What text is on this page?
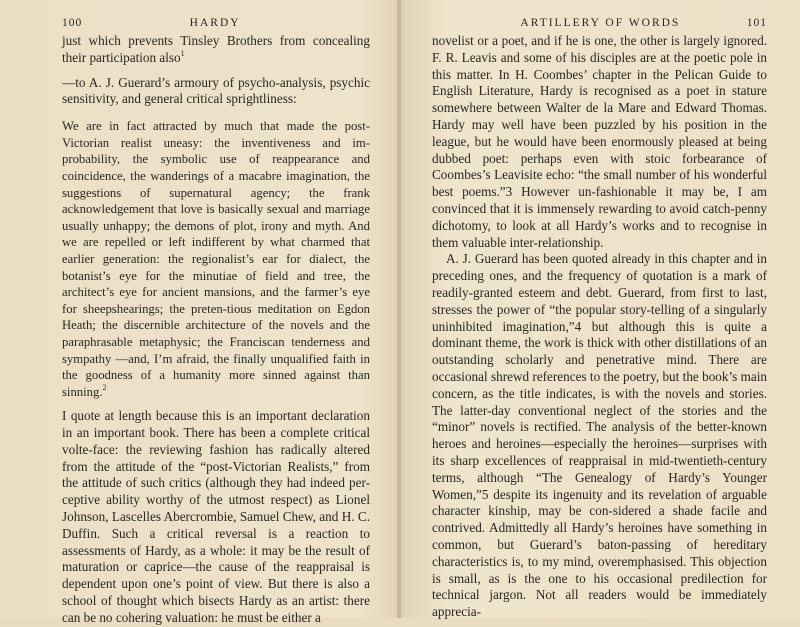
100	HARDY

just which prevents Tinsley Brothers from concealing their participation also$^1$

—to A. J. Guerard’s armoury of psycho-analysis, psychic sensitivity, and general critical sprightliness:

We are in fact attracted by much that made the post-Victorian realist uneasy: the inventiveness and im-probability, the symbolic use of reappearance and coincidence, the wanderings of a macabre imagination, the suggestions of supernatural agency; the frank acknowledgement that love is basically sexual and marriage usually unhappy; the demons of plot, irony and myth. And we are repelled or left indifferent by what charmed that earlier generation: the regionalist’s ear for dialect, the botanist’s eye for the minutiae of field and tree, the architect’s eye for ancient mansions, and the farmer’s eye for sheepshearings; the preten-tious meditation on Egdon Heath; the discernible architecture of the novels and the paraphrasable metaphysic; the Franciscan tenderness and sympathy —and, I’m afraid, the finally unqualified faith in the goodness of a humanity more sinned against than sinning.$^2$

I quote at length because this is an important declaration in an important book. There has been a complete critical volte-face: the reviewing fashion has radically altered from the attitude of the “post-Victorian Realists,” from the attitude of such critics (although they had indeed per-ceptive ability worthy of the utmost respect) as Lionel Johnson, Lascelles Abercrombie, Samuel Chew, and H. C. Duffin. Such a critical reversal is a reaction to assessments of Hardy, as a whole: it may be the result of maturation or caprice—the cause of the reappraisal is dependent upon one’s point of view. But there is also a school of thought which bisects Hardy as an artist: there can be no cohering valuation: he must be either a

ARTILLERY OF WORDS	101

novelist or a poet, and if he is one, the other is largely ignored. F. R. Leavis and some of his disciples are at the poetic pole in this matter. In H. Coombes’ chapter in the Pelican Guide to English Literature, Hardy is recognised as a poet in stature somewhere between Walter de la Mare and Edward Thomas. Hardy may well have been puzzled by his position in the league, but he would have been enormously pleased at being dubbed poet: perhaps even with stoic forbearance of Coombes’s Leavisite echo: “the small number of his wonderful best poems.”3 However un-fashionable it may be, I am convinced that it is immensely rewarding to avoid catch-penny dichotomy, to look at all Hardy’s works and to recognise in them valuable inter-relationship.

A. J. Guerard has been quoted already in this chapter and in preceding ones, and the frequency of quotation is a mark of readily-granted esteem and debt. Guerard, from first to last, stresses the power of “the popular story-telling of a singularly uninhibited imagination,”4 but although this is quite a dominant theme, the work is thick with other distillations of an outstanding scholarly and penetrative mind. There are occasional shrewd references to the poetry, but the book’s main concern, as the title indicates, is with the novels and stories. The latter-day conventional neglect of the stories and the “minor” novels is rectified. The analysis of the better-known heroes and heroines—especially the heroines—surprises with its sharp excellences of reappraisal in mid-twentieth-century terms, although “The Genealogy of Hardy’s Younger Women,”5 despite its ingenuity and its revelation of arguable character kinship, may be con-sidered a shade facile and contrived. Admittedly all Hardy’s heroines have something in common, but Guerard’s baton-passing of hereditary characteristics is, to my mind, overemphasised. This objection is small, as is the one to his occasional predilection for technical jargon. Not all readers would be immediately apprecia-
